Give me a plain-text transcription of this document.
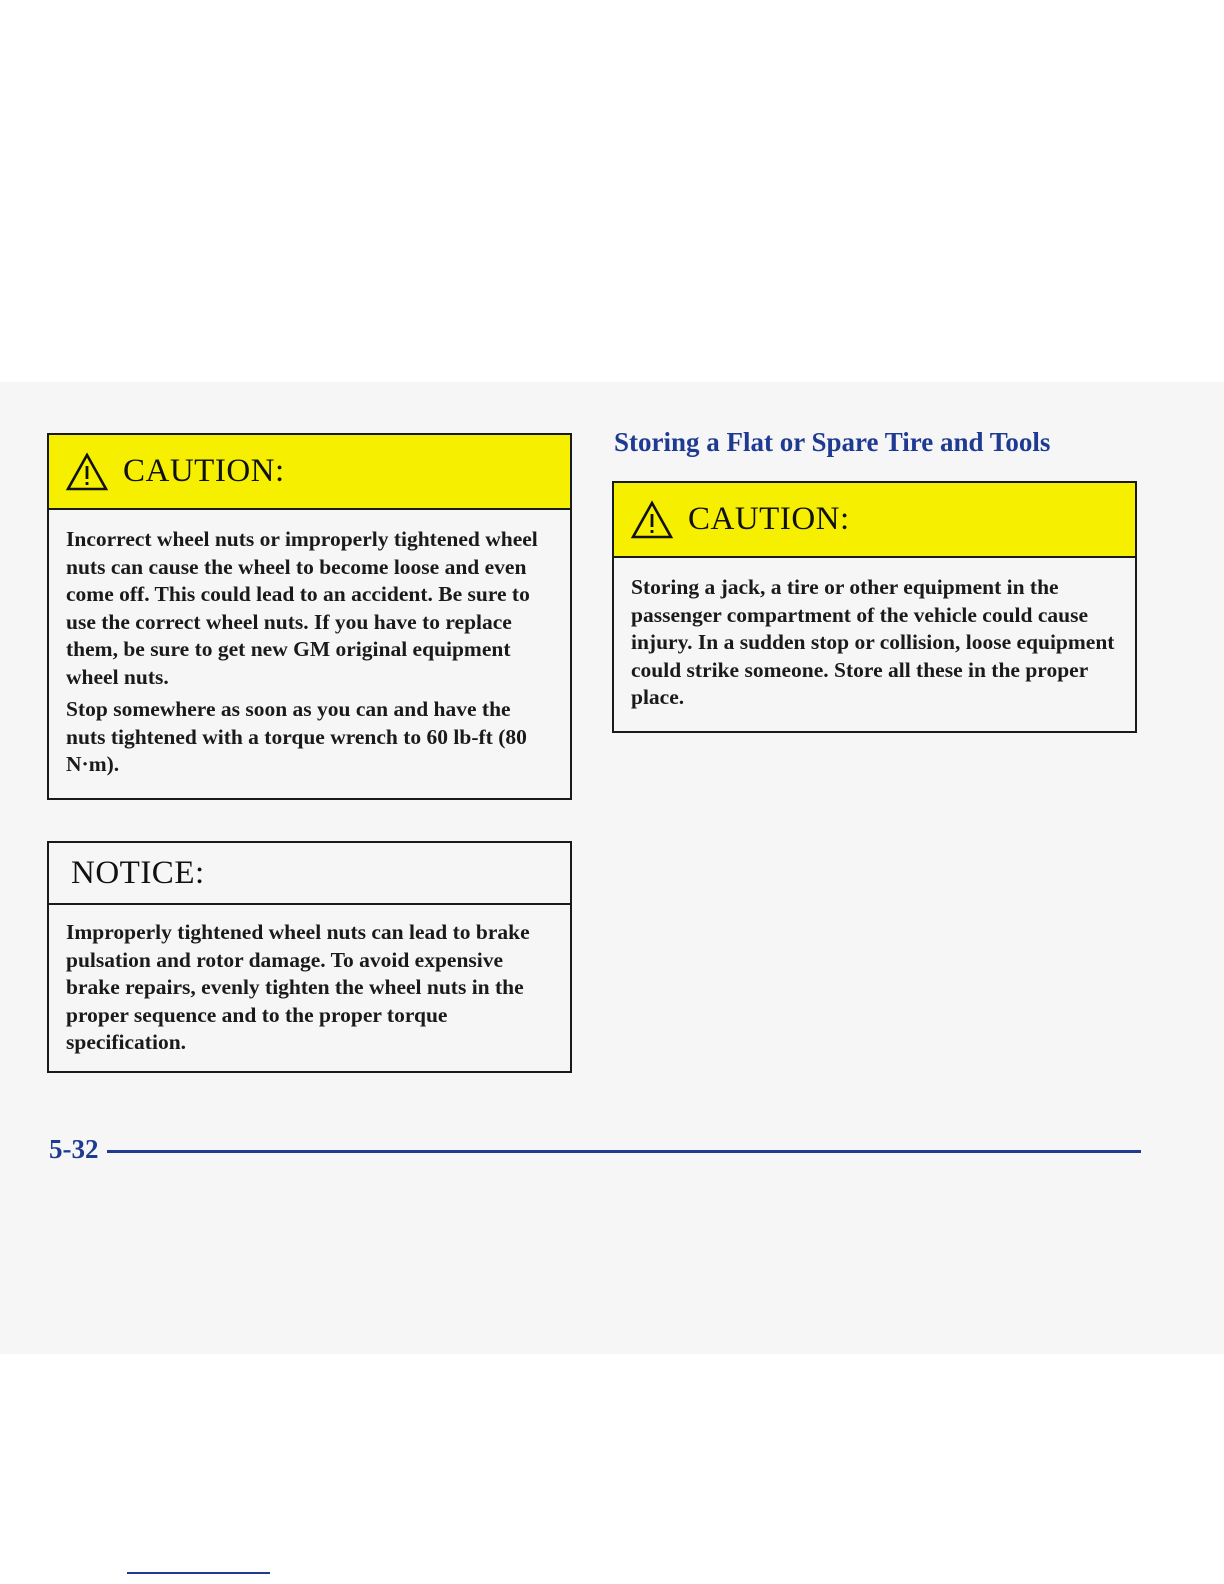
CAUTION:

Incorrect wheel nuts or improperly tightened wheel nuts can cause the wheel to become loose and even come off. This could lead to an accident. Be sure to use the correct wheel nuts. If you have to replace them, be sure to get new GM original equipment wheel nuts.

Stop somewhere as soon as you can and have the nuts tightened with a torque wrench to 60 lb-ft (80 N·m).

NOTICE:

Improperly tightened wheel nuts can lead to brake pulsation and rotor damage. To avoid expensive brake repairs, evenly tighten the wheel nuts in the proper sequence and to the proper torque specification.

Storing a Flat or Spare Tire and Tools
CAUTION:

Storing a jack, a tire or other equipment in the passenger compartment of the vehicle could cause injury. In a sudden stop or collision, loose equipment could strike someone. Store all these in the proper place.

5-32
